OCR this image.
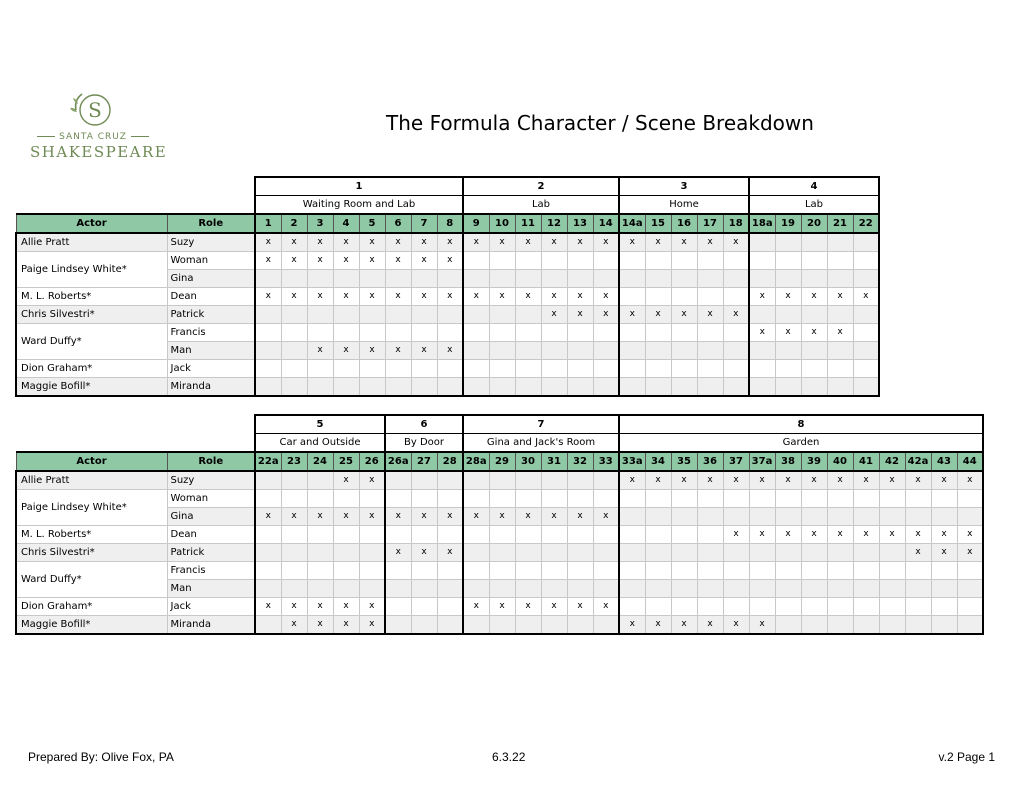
S
SANTA CRUZ
SHAKESPEARE
The Formula Character / Scene Breakdown
		1								2						3					4				
		Waiting Room and Lab								Lab						Home					Lab				
Actor	Role	1	2	3	4	5	6	7	8	9	10	11	12	13	14	14a	15	16	17	18	18a	19	20	21	22
Allie Pratt	Suzy	x	x	x	x	x	x	x	x	x	x	x	x	x	x	x	x	x	x	x					
Paige Lindsey White*	Woman	x	x	x	x	x	x	x	x																
	Gina																								
M. L. Roberts*	Dean	x	x	x	x	x	x	x	x	x	x	x	x	x	x						x	x	x	x	x
Chris Silvestri*	Patrick												x	x	x	x	x	x	x	x					
Ward Duffy*	Francis																				x	x	x	x	
	Man			x	x	x	x	x	x																
Dion Graham*	Jack																								
Maggie Bofill*	Miranda																								
		5					6			7						8													
		Car and Outside					By Door			Gina and Jack's Room						Garden													
Actor	Role	22a	23	24	25	26	26a	27	28	28a	29	30	31	32	33	33a	34	35	36	37	37a	38	39	40	41	42	42a	43	44
Allie Pratt	Suzy				x	x										x	x	x	x	x	x	x	x	x	x	x	x	x	x
Paige Lindsey White*	Woman																												
	Gina	x	x	x	x	x	x	x	x	x	x	x	x	x	x														
M. L. Roberts*	Dean																			x	x	x	x	x	x	x	x	x	x
Chris Silvestri*	Patrick						x	x	x																		x	x	x
Ward Duffy*	Francis																												
	Man																												
Dion Graham*	Jack	x	x	x	x	x				x	x	x	x	x	x														
Maggie Bofill*	Miranda		x	x	x	x										x	x	x	x	x	x								
Prepared By: Olive Fox, PA	6.3.22	v.2 Page 1
